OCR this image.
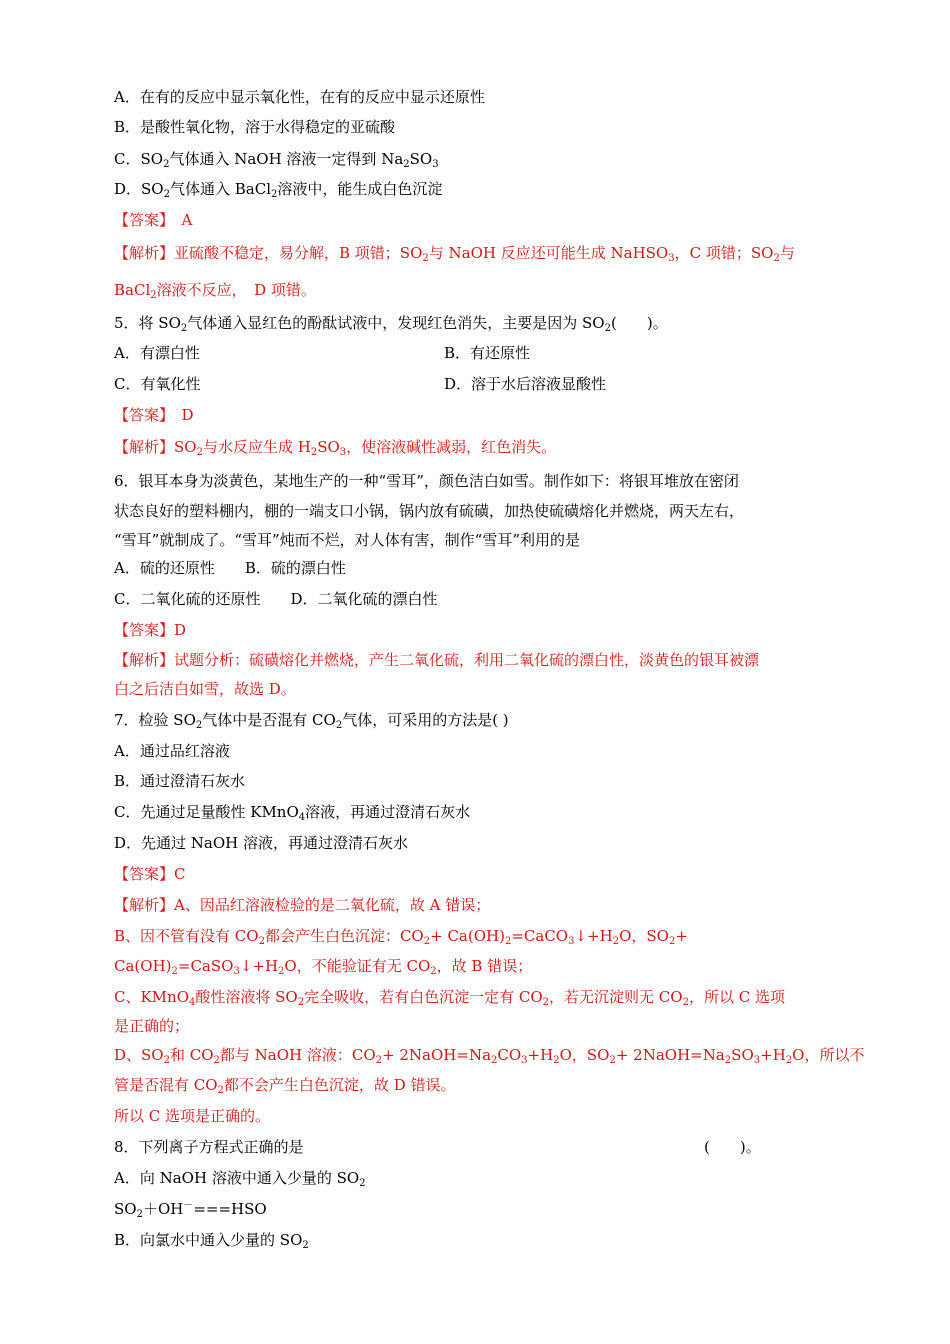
A．在有的反应中显示氧化性，在有的反应中显示还原性
B．是酸性氧化物，溶于水得稳定的亚硫酸
C．$SO_2$气体通入 NaOH 溶液一定得到 $Na_2SO_3$
D．$SO_2$气体通入 BaCl$_2$溶液中，能生成白色沉淀
【答案】　A
【解析】亚硫酸不稳定，易分解，B 项错；$SO_2$与 NaOH 反应还可能生成 NaHSO$_3$，C 项错；$SO_2$与
BaCl$_2$溶液不反应，　D 项错。
5．将 $SO_2$气体通入显红色的酚酞试液中，发现红色消失，主要是因为 $SO_2$(　　)。
A．有漂白性	B．有还原性
C．有氧化性	D．溶于水后溶液显酸性
【答案】　D
【解析】$SO_2$与水反应生成 $H_2SO_3$，使溶液碱性减弱，红色消失。
6．银耳本身为淡黄色，某地生产的一种“雪耳”，颜色洁白如雪。制作如下：将银耳堆放在密闭
状态良好的塑料棚内，棚的一端支口小锅，锅内放有硫磺，加热使硫磺熔化并燃烧，两天左右，
“雪耳”就制成了。“雪耳”炖而不烂，对人体有害，制作“雪耳”利用的是
A．硫的还原性　　B．硫的漂白性
C．二氧化硫的还原性　　D．二氧化硫的漂白性
【答案】D
【解析】试题分析：硫磺熔化并燃烧，产生二氧化硫，利用二氧化硫的漂白性，淡黄色的银耳被漂
白之后洁白如雪，故选 D。
7．检验 $SO_2$气体中是否混有 $CO_2$气体，可采用的方法是( )
A．通过品红溶液
B．通过澄清石灰水
C．先通过足量酸性 KMnO$_4$溶液，再通过澄清石灰水
D．先通过 NaOH 溶液，再通过澄清石灰水
【答案】C
【解析】A、因品红溶液检验的是二氧化硫，故 A 错误；
B、因不管有没有 $CO_2$都会产生白色沉淀：$CO_2+$ $Ca(OH)_2=CaCO_3↓+H_2O$，$SO_2+$
$Ca(OH)_2=CaSO_3↓+H_2O$，不能验证有无 $CO_2$，故 B 错误；
C、KMnO$_4$酸性溶液将 $SO_2$完全吸收，若有白色沉淀一定有 $CO_2$，若无沉淀则无 $CO_2$，所以 C 选项
是正确的；
D、$SO_2$和 $CO_2$都与 NaOH 溶液：$CO_2+$ $2NaOH=Na_2CO_3+H_2O$，$SO_2+$ $2NaOH=Na_2SO_3+H_2O$，所以不
管是否混有 $CO_2$都不会产生白色沉淀，故 D 错误。
所以 C 选项是正确的。
8．下列离子方程式正确的是	(　　)。
A．向 NaOH 溶液中通入少量的 $SO_2$
$SO_2+OH^-===HSO$
B．向氯水中通入少量的 $SO_2$
